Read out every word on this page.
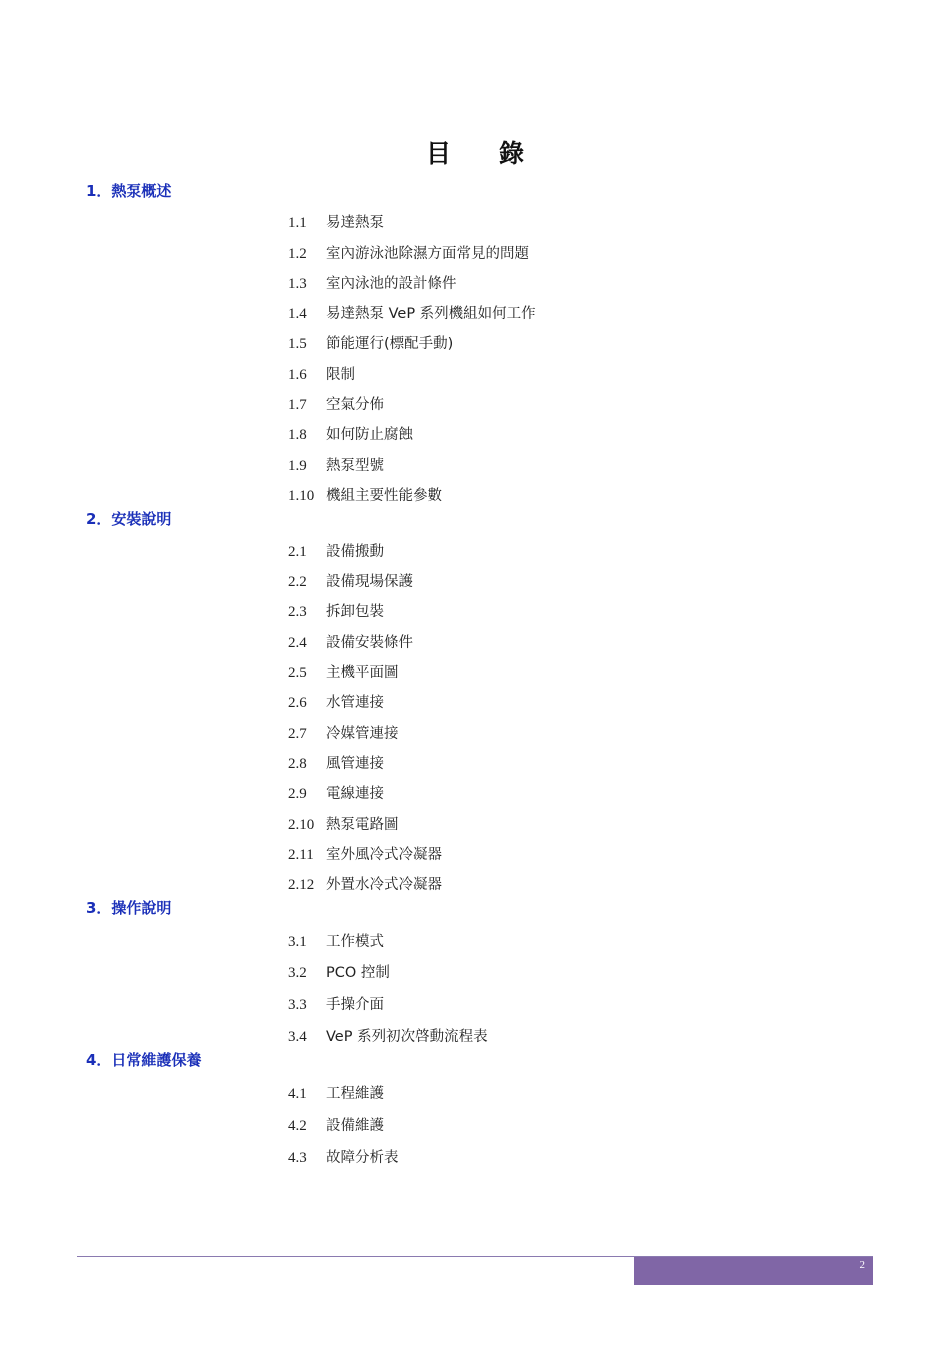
目錄
1．熱泵概述
1.1 易達熱泵
1.2 室內游泳池除濕方面常見的問題
1.3 室內泳池的設計條件
1.4 易達熱泵 VeP 系列機組如何工作
1.5 節能運行(標配手動)
1.6 限制
1.7 空氣分佈
1.8 如何防止腐蝕
1.9 熱泵型號
1.10 機組主要性能參數
2．安裝說明
2.1 設備搬動
2.2 設備現場保護
2.3 拆卸包裝
2.4 設備安裝條件
2.5 主機平面圖
2.6 水管連接
2.7 冷媒管連接
2.8 風管連接
2.9 電線連接
2.10 熱泵電路圖
2.11 室外風冷式冷凝器
2.12 外置水冷式冷凝器
3．操作說明
3.1 工作模式
3.2 PCO 控制
3.3 手操介面
3.4 VeP 系列初次啓動流程表
4．日常維護保養
4.1 工程維護
4.2 設備維護
4.3 故障分析表
2
